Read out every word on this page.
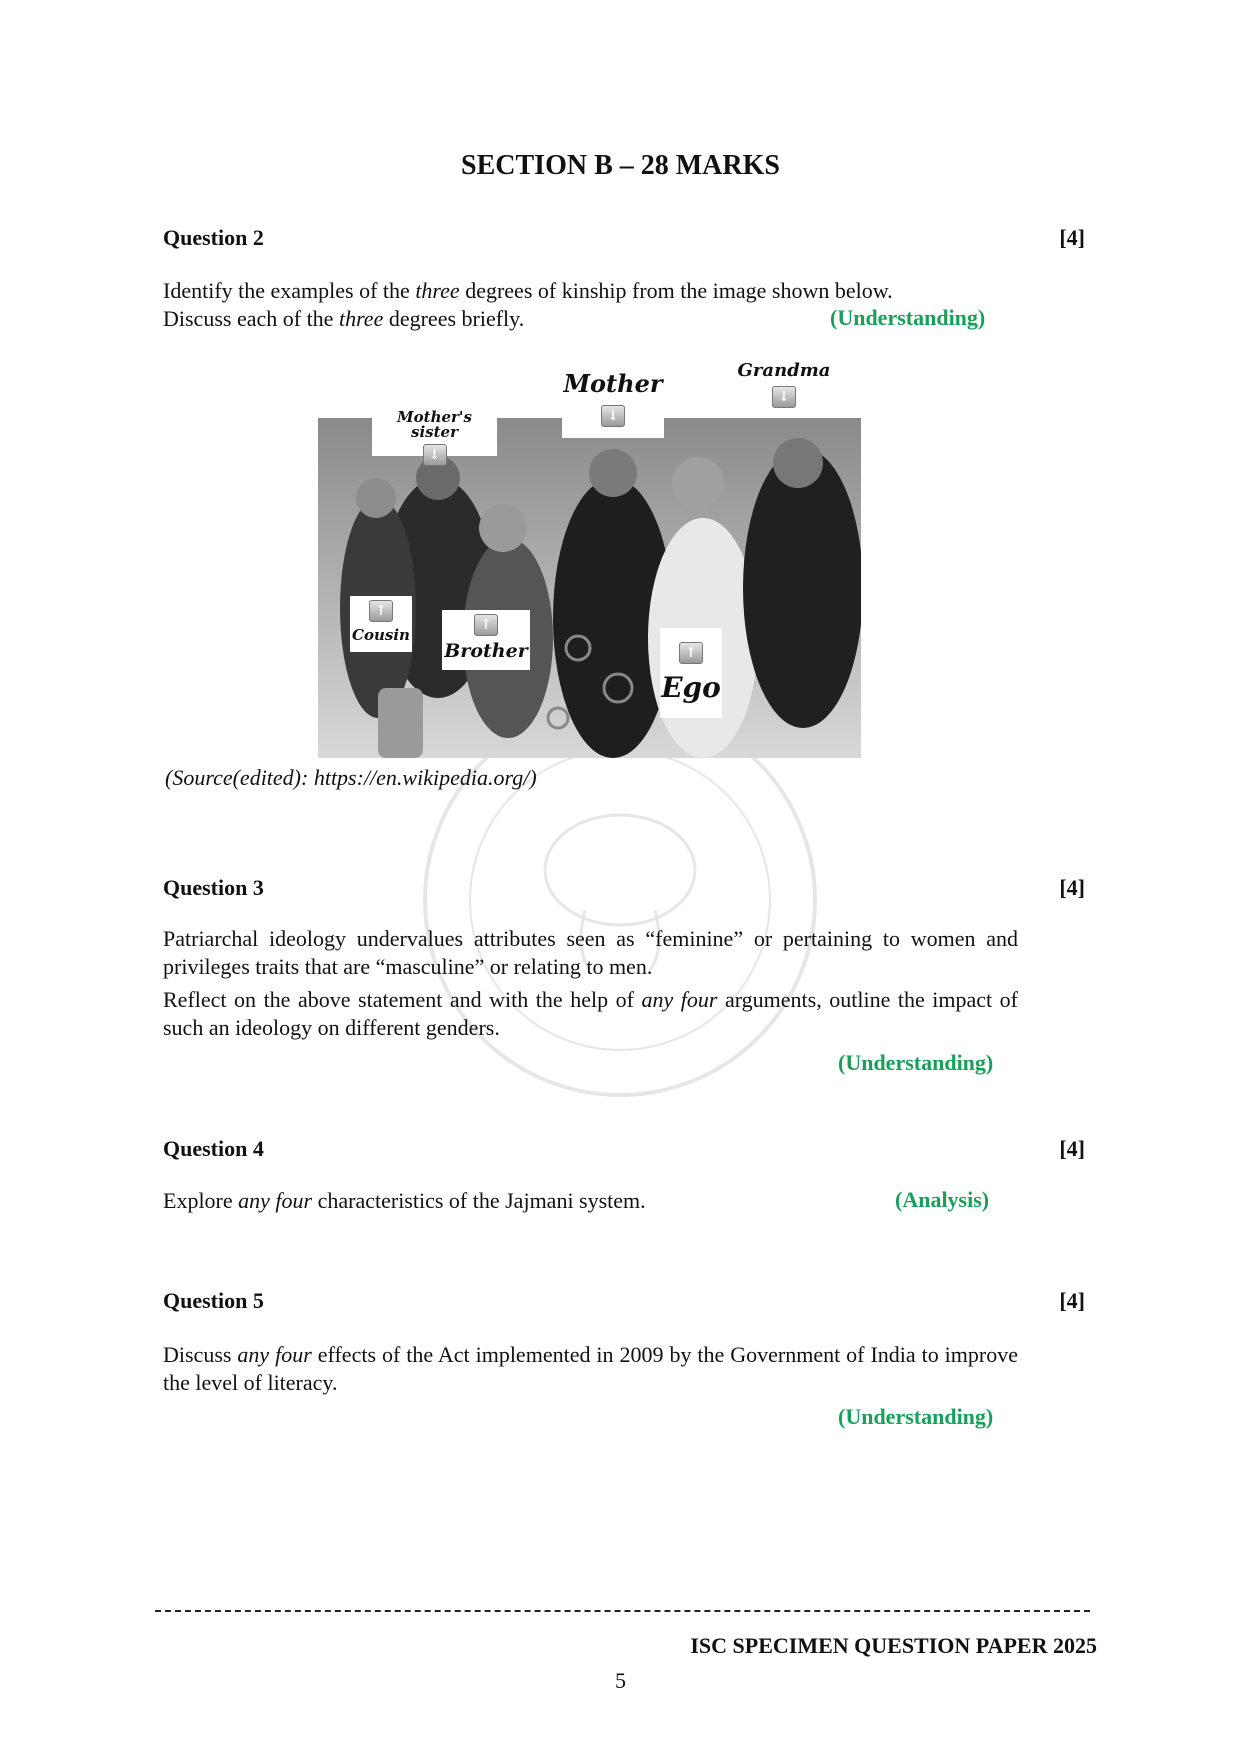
SECTION B – 28 MARKS
Question 2	[4]
Identify the examples of the three degrees of kinship from the image shown below.
Discuss each of the three degrees briefly.	(Understanding)
Mother's sister
↓
Mother
↓
Grandma
↓
↑
Cousin
↑
Brother	↑
Ego
(Source(edited): https://en.wikipedia.org/)
Question 3	[4]
Patriarchal ideology undervalues attributes seen as “feminine” or pertaining to women and privileges traits that are “masculine” or relating to men.
Reflect on the above statement and with the help of any four arguments, outline the impact of such an ideology on different genders.
(Understanding)
Question 4	[4]
Explore any four characteristics of the Jajmani system.	(Analysis)
Question 5	[4]
Discuss any four effects of the Act implemented in 2009 by the Government of India to improve the level of literacy.
(Understanding)
ISC SPECIMEN QUESTION PAPER 2025
5
